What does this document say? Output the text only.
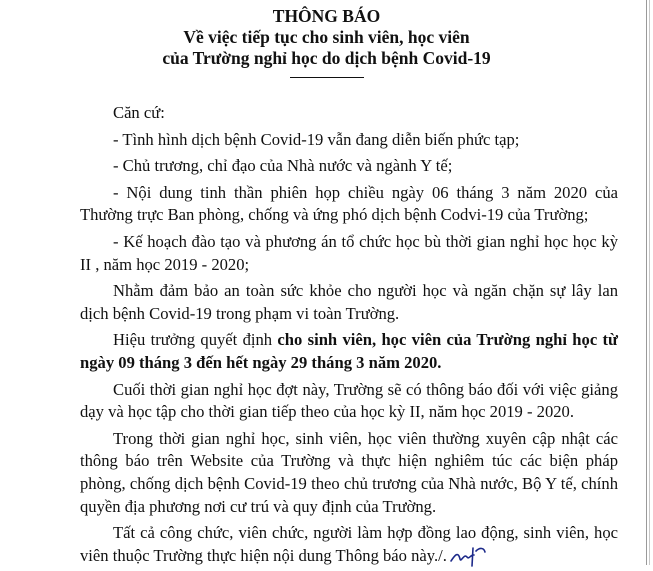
THÔNG BÁO
Về việc tiếp tục cho sinh viên, học viên
của Trường nghỉ học do dịch bệnh Covid-19

Căn cứ:

- Tình hình dịch bệnh Covid-19 vẫn đang diễn biến phức tạp;

- Chủ trương, chỉ đạo của Nhà nước và ngành Y tế;

- Nội dung tinh thần phiên họp chiều ngày 06 tháng 3 năm 2020 của Thường trực Ban phòng, chống và ứng phó dịch bệnh Codvi-19 của Trường;

- Kế hoạch đào tạo và phương án tổ chức học bù thời gian nghỉ học học kỳ II , năm học 2019 - 2020;

Nhằm đảm bảo an toàn sức khỏe cho người học và ngăn chặn sự lây lan dịch bệnh Covid-19 trong phạm vi toàn Trường.

Hiệu trưởng quyết định cho sinh viên, học viên của Trường nghỉ học từ ngày 09 tháng 3 đến hết ngày 29 tháng 3 năm 2020.

Cuối thời gian nghỉ học đợt này, Trường sẽ có thông báo đối với việc giảng dạy và học tập cho thời gian tiếp theo của học kỳ II, năm học 2019 - 2020.

Trong thời gian nghỉ học, sinh viên, học viên thường xuyên cập nhật các thông báo trên Website của Trường và thực hiện nghiêm túc các biện pháp phòng, chống dịch bệnh Covid-19 theo chủ trương của Nhà nước, Bộ Y tế, chính quyền địa phương nơi cư trú và quy định của Trường.

Tất cả công chức, viên chức, người làm hợp đồng lao động, sinh viên, học viên thuộc Trường thực hiện nội dung Thông báo này./.
